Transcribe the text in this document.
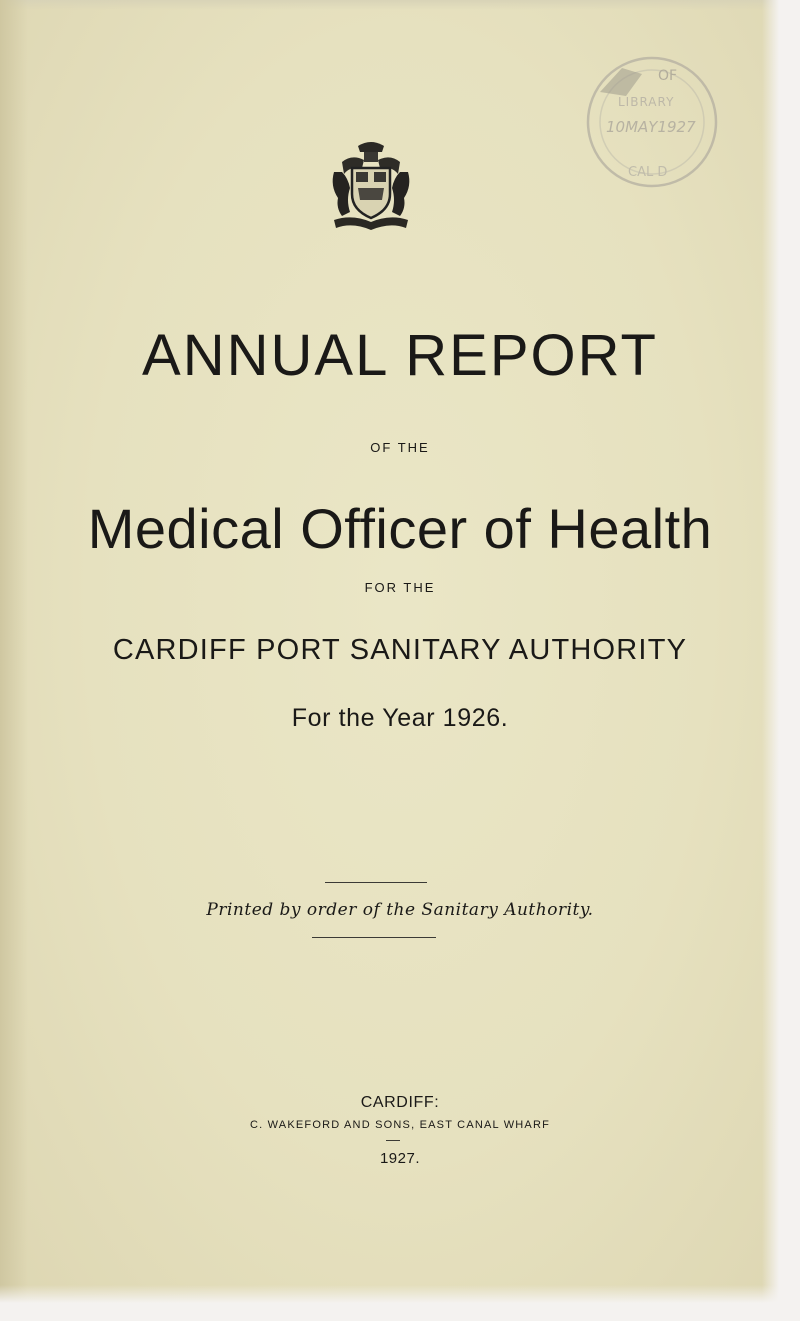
OF
LIBRARY
10MAY1927
CAL D
ANNUAL REPORT
OF THE
Medical Officer of Health
FOR THE
CARDIFF PORT SANITARY AUTHORITY
For the Year 1926.
Printed by order of the Sanitary Authority.
CARDIFF:
C. WAKEFORD AND SONS, EAST CANAL WHARF
1927.
